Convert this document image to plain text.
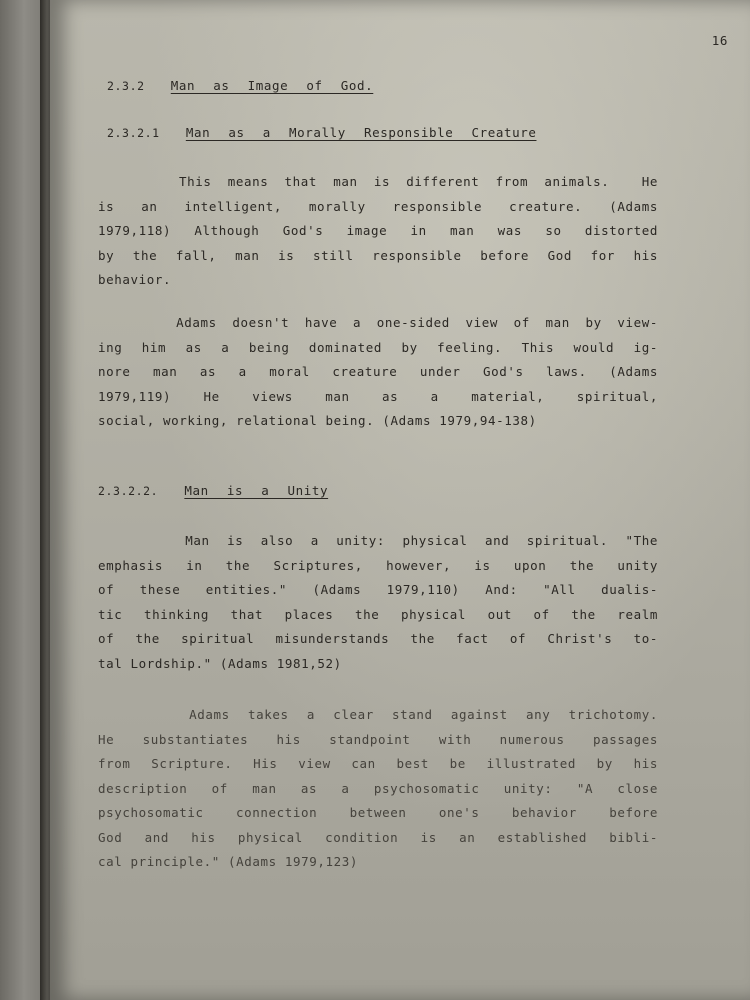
16
2.3.2 Man as Image of God.
2.3.2.1 Man as a Morally Responsible Creature
This means that man is different from animals.  He
is an intelligent, morally responsible creature. (Adams
1979,118) Although God's image in man was so distorted
by the fall, man is still responsible before God for his
behavior.
Adams doesn't have a one-sided view of man by view-
ing him as a being dominated by feeling. This would ig-
nore man as a moral creature under God's laws. (Adams
1979,119) He views man as a material, spiritual,
social, working, relational being. (Adams 1979,94-138)
2.3.2.2. Man is a Unity
Man is also a unity: physical and spiritual. "The
emphasis in the Scriptures, however, is upon the unity
of these entities." (Adams 1979,110) And: "All dualis-
tic thinking that places the physical out of the realm
of the spiritual misunderstands the fact of Christ's to-
tal Lordship." (Adams 1981,52)
Adams takes a clear stand against any trichotomy.
He substantiates his standpoint with numerous passages
from Scripture. His view can best be illustrated by his
description of man as a psychosomatic unity: "A close
psychosomatic connection between one's behavior before
God and his physical condition is an established bibli-
cal principle." (Adams 1979,123)
